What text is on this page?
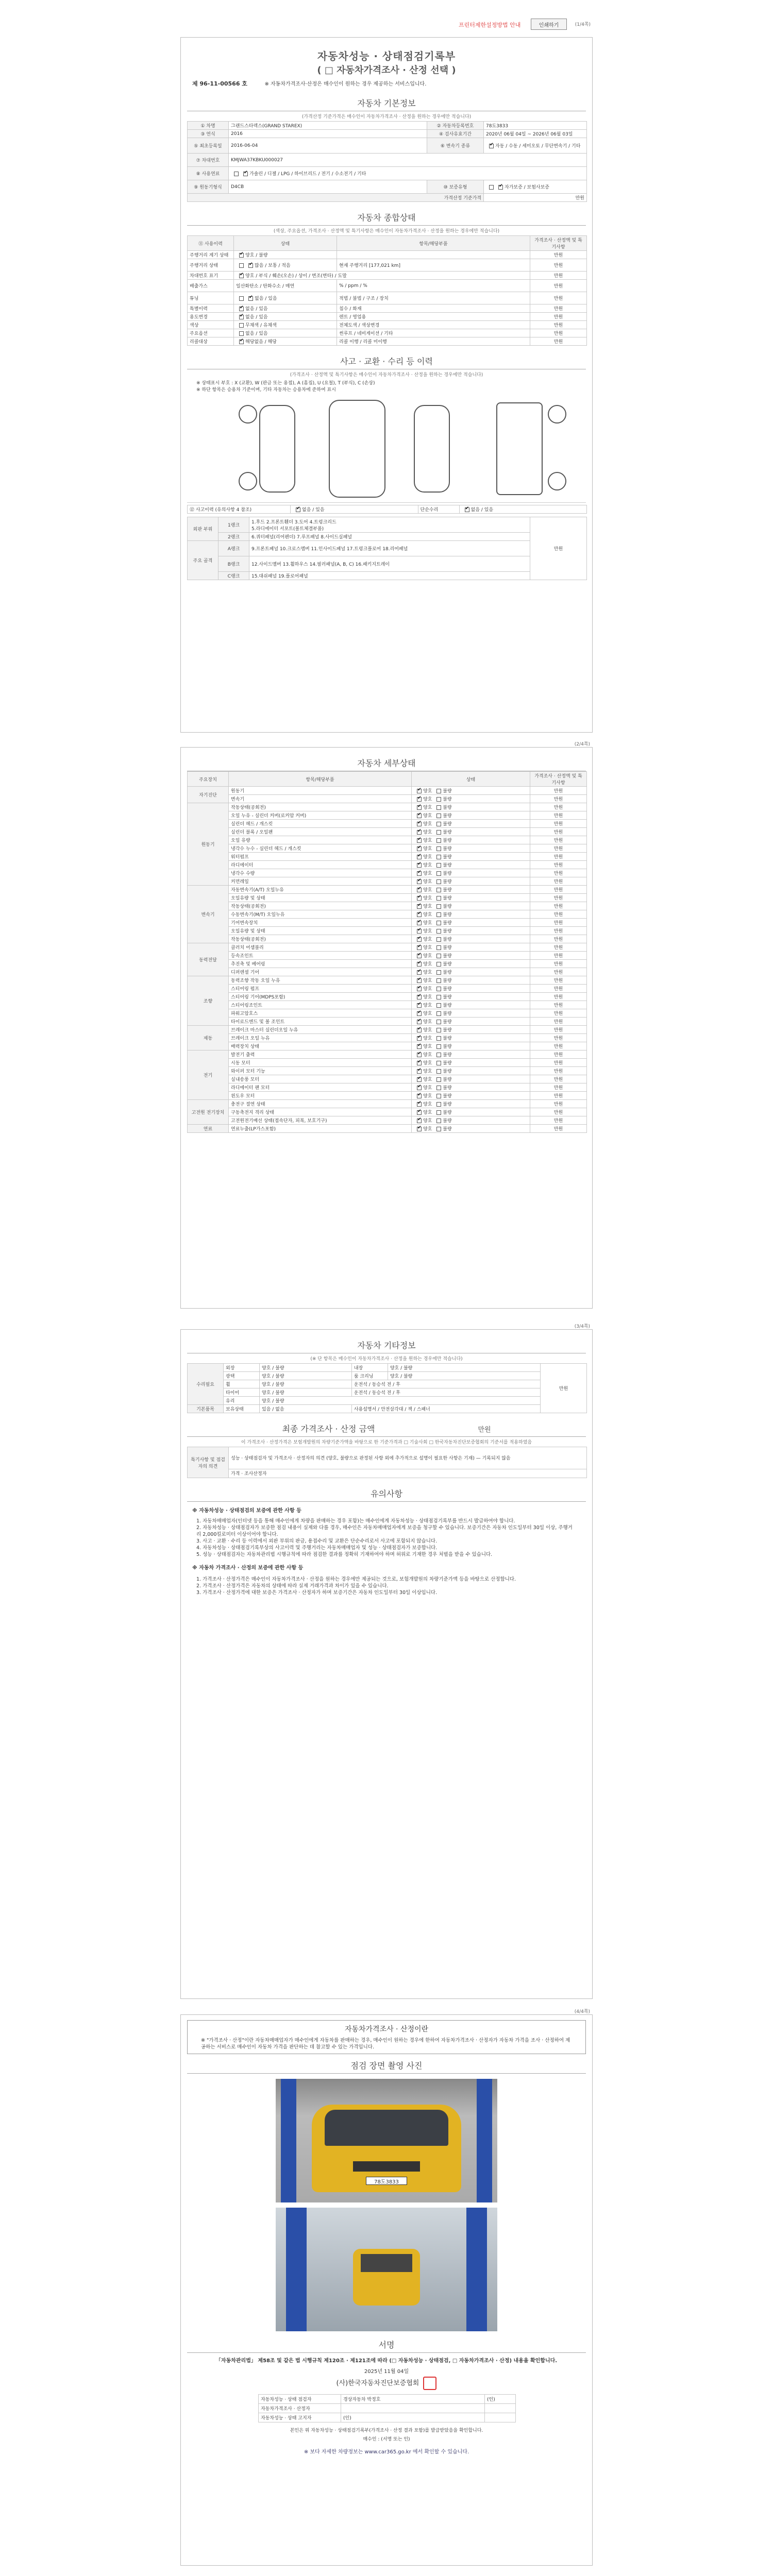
프린터제한설정방법 안내	인쇄하기	(1/4쪽)
자동차성능 · 상태점검기록부
( □ 자동차가격조사 · 산정 선택 )
제 96-11-00566 호	※ 자동차가격조사·산정은 매수인이 원하는 경우 제공하는 서비스입니다.
자동차 기본정보
(가격산정 기준가격은 매수인이 자동차가격조사 · 산정을 원하는 경우에만 적습니다)
① 차명	그랜드스타렉스(GRAND STAREX)	② 자동차등록번호	78도3833
③ 연식	2016	④ 검사유효기간	2020년 06월 04일 ~ 2026년 06월 03일
⑤ 최초등록일	2016-06-04	⑥ 변속기 종류	✔자동 / 수동 / 세미오토 / 무단변속기 / 기타
⑦ 차대번호	KMJWA37KBKU000027		
⑧ 사용연료	✔가솔린 / 디젤 / LPG / 하이브리드 / 전기 / 수소전기 / 기타
⑨ 원동기형식	D4CB	⑩ 보증유형	✔자가보증 / 보험사보증
가격산정 기준가격			만원
자동차 종합상태
(색상, 주요옵션, 가격조사 · 산정액 및 특기사항은 매수인이 자동차가격조사 · 산정을 원하는 경우에만 적습니다)
⑪ 사용이력	상태	항목/해당부품	가격조사 · 산정액 및 특기사항
주행거리 계기 상태	✔양호 / 불량		만원
주행거리 상태	✔많음 / 보통 / 적음	현재 주행거리 [177,021 km]	만원
차대번호 표기	✔양호 / 부식 / 훼손(오손) / 상이 / 변조(변타) / 도말		만원
배출가스	일산화탄소 / 탄화수소 / 매연	% / ppm / %	만원
튜닝	✔없음 / 있음	적법 / 불법 / 구조 / 장치	만원
특별이력	✔없음 / 있음	침수 / 화재	만원
용도변경	✔없음 / 있음	렌트 / 영업용	만원
색상	무채색 / 유채색	전체도색 / 색상변경	만원
주요옵션	없음 / 있음	썬루프 / 네비게이션 / 기타	만원
리콜대상	✔해당없음 / 해당	리콜 이행 / 리콜 미이행	만원
사고 · 교환 · 수리 등 이력
(가격조사 · 산정액 및 특기사항은 매수인이 자동차가격조사 · 산정을 원하는 경우에만 적습니다)
※ 상태표시 부호 : X (교환), W (판금 또는 용접), A (흠집), U (요철), T (부식), C (손상)
※ 하단 항목은 승용차 기준이며, 기타 자동차는 승용차에 준하여 표시
⑫ 사고이력 (유의사항 4 참조)	✔없음 / 있음	단순수리	✔없음 / 있음
외판 부위	1랭크	1.후드 2.프론트휀더 3.도어 4.트렁크리드
5.라디에이터 서포트(볼트체결부품)	만원
	2랭크	6.쿼터패널(리어펜더) 7.루프패널 8.사이드실패널	
주요 골격	A랭크	9.프론트패널 10.크로스멤버 11.인사이드패널 17.트렁크플로어 18.리어패널	
	B랭크	12.사이드멤버 13.휠하우스 14.필러패널(A, B, C) 16.패키지트레이	
	C랭크	15.대쉬패널 19.플로어패널	
(2/4쪽)
자동차 세부상태
주요장치	항목/해당부품	상태	가격조사 · 산정액 및 특기사항
자기진단	원동기	✔양호 불량	만원
	변속기	✔양호 불량	만원
원동기	작동상태(공회전)	✔양호 불량	만원
	오일 누유 - 실린더 커버(로커암 커버)	✔양호 불량	만원
	실린더 헤드 / 개스킷	✔양호 불량	만원
	실린더 블록 / 오일팬	✔양호 불량	만원
	오일 유량	✔양호 불량	만원
	냉각수 누수 - 실린더 헤드 / 개스킷	✔양호 불량	만원
	워터펌프	✔양호 불량	만원
	라디에이터	✔양호 불량	만원
	냉각수 수량	✔양호 불량	만원
	커먼레일	✔양호 불량	만원
변속기	자동변속기(A/T) 오일누유	✔양호 불량	만원
	오일유량 및 상태	✔양호 불량	만원
	작동상태(공회전)	✔양호 불량	만원
	수동변속기(M/T) 오일누유	✔양호 불량	만원
	기어변속장치	✔양호 불량	만원
	오일유량 및 상태	✔양호 불량	만원
	작동상태(공회전)	✔양호 불량	만원
동력전달	클러치 어셈블리	✔양호 불량	만원
	등속조인트	✔양호 불량	만원
	추진축 및 베어링	✔양호 불량	만원
	디퍼렌셜 기어	✔양호 불량	만원
조향	동력조향 작동 오일 누유	✔양호 불량	만원
	스티어링 펌프	✔양호 불량	만원
	스티어링 기어(MDPS포함)	✔양호 불량	만원
	스티어링조인트	✔양호 불량	만원
	파워고압호스	✔양호 불량	만원
	타이로드엔드 및 볼 조인트	✔양호 불량	만원
제동	브레이크 마스터 실린더오일 누유	✔양호 불량	만원
	브레이크 오일 누유	✔양호 불량	만원
	배력장치 상태	✔양호 불량	만원
전기	발전기 출력	✔양호 불량	만원
	시동 모터	✔양호 불량	만원
	와이퍼 모터 기능	✔양호 불량	만원
	실내송풍 모터	✔양호 불량	만원
	라디에이터 팬 모터	✔양호 불량	만원
	윈도우 모터	✔양호 불량	만원
고전원 전기장치	충전구 절연 상태	✔양호 불량	만원
	구동축전지 격리 상태	✔양호 불량	만원
	고전원전기배선 상태(접속단자, 피복, 보호기구)	✔양호 불량	만원
연료	연료누출(LP가스포함)	✔양호 불량	만원
(3/4쪽)
자동차 기타정보
(※ 단 항목은 매수인이 자동차가격조사 · 산정을 원하는 경우에만 적습니다)
수리필요	외장	양호 / 불량	내장	양호 / 불량	만원
	광택	양호 / 불량	룸 크리닝	양호 / 불량	
	휠	양호 / 불량	운전석 / 동승석 전 / 후		
	타이어	양호 / 불량	운전석 / 동승석 전 / 후		
	유리	양호 / 불량			
기본품목	보유상태	있음 / 없음	사용설명서 / 안전삼각대 / 잭 / 스패너		
최종 가격조사 · 산정 금액	만원
이 가격조사 · 산정가격은 보험개발원의 차량기준가액을 바탕으로 한 기준가격과 □ 기술사회 □ 한국자동차진단보증협회의 기준서를 적용하였음
특기사항 및 점검자의 의견	성능 · 상태점검자 및 가격조사 · 산정자의 의견 (양호, 불량으로 판정된 사항 외에 추가적으로 설명이 필요한 사항은 기재) — 기록되지 않음
가격 · 조사산정자
유의사항
※ 자동차성능 · 상태점검의 보증에 관한 사항 등

1. 자동차매매업자(인터넷 등을 통해 매수인에게 차량을 판매하는 경우 포함)는 매수인에게 자동차성능 · 상태점검기록부를 반드시 발급하여야 합니다.

2. 자동차성능 · 상태점검자가 보증한 점검 내용이 실제와 다를 경우, 매수인은 자동차매매업자에게 보증을 청구할 수 있습니다. 보증기간은 자동차 인도일부터 30일 이상, 주행거리 2,000킬로미터 이상이어야 합니다.

3. 사고 · 교환 · 수리 등 이력에서 외판 부위의 판금, 용접수리 및 교환은 단순수리로서 사고에 포함되지 않습니다.

4. 자동차성능 · 상태점검기록부상의 사고이력 및 주행거리는 자동차매매업자 및 성능 · 상태점검자가 보증합니다.

5. 성능 · 상태점검자는 자동차관리법 시행규칙에 따라 점검한 결과를 정확히 기재하여야 하며 허위로 기재한 경우 처벌을 받을 수 있습니다.

※ 자동차 가격조사 · 산정의 보증에 관한 사항 등

1. 가격조사 · 산정가격은 매수인이 자동차가격조사 · 산정을 원하는 경우에만 제공되는 것으로, 보험개발원의 차량기준가액 등을 바탕으로 산정합니다.

2. 가격조사 · 산정가격은 자동차의 상태에 따라 실제 거래가격과 차이가 있을 수 있습니다.

3. 가격조사 · 산정가격에 대한 보증은 가격조사 · 산정자가 하며 보증기간은 자동차 인도일부터 30일 이상입니다.

(4/4쪽)
자동차가격조사 · 산정이란
※ "가격조사 · 산정"이란 자동차매매업자가 매수인에게 자동차를 판매하는 경우, 매수인이 원하는 경우에 한하여 자동차가격조사 · 산정자가 자동차 가격을 조사 · 산정하여 제공하는 서비스로 매수인이 자동차 가격을 판단하는 데 참고할 수 있는 가격입니다.
점검 장면 촬영 사진
78도3833
서명
「자동차관리법」 제58조 및 같은 법 시행규칙 제120조 · 제121조에 따라 (□ 자동차성능 · 상태점검, □ 자동차가격조사 · 산정) 내용을 확인합니다.
2025년 11월 04일
(사)한국자동차진단보증협회
자동차성능 · 상태 점검자	경상자동차 박정호	(인)
자동차가격조사 · 산정자		
자동차성능 · 상태 고지자	(인)	
본인은 위 자동차성능 · 상태점검기록부(가격조사 · 산정 결과 포함)를 발급받았음을 확인합니다.
매수인 : (서명 또는 인)
※ 보다 자세한 차량정보는 www.car365.go.kr 에서 확인할 수 있습니다.
